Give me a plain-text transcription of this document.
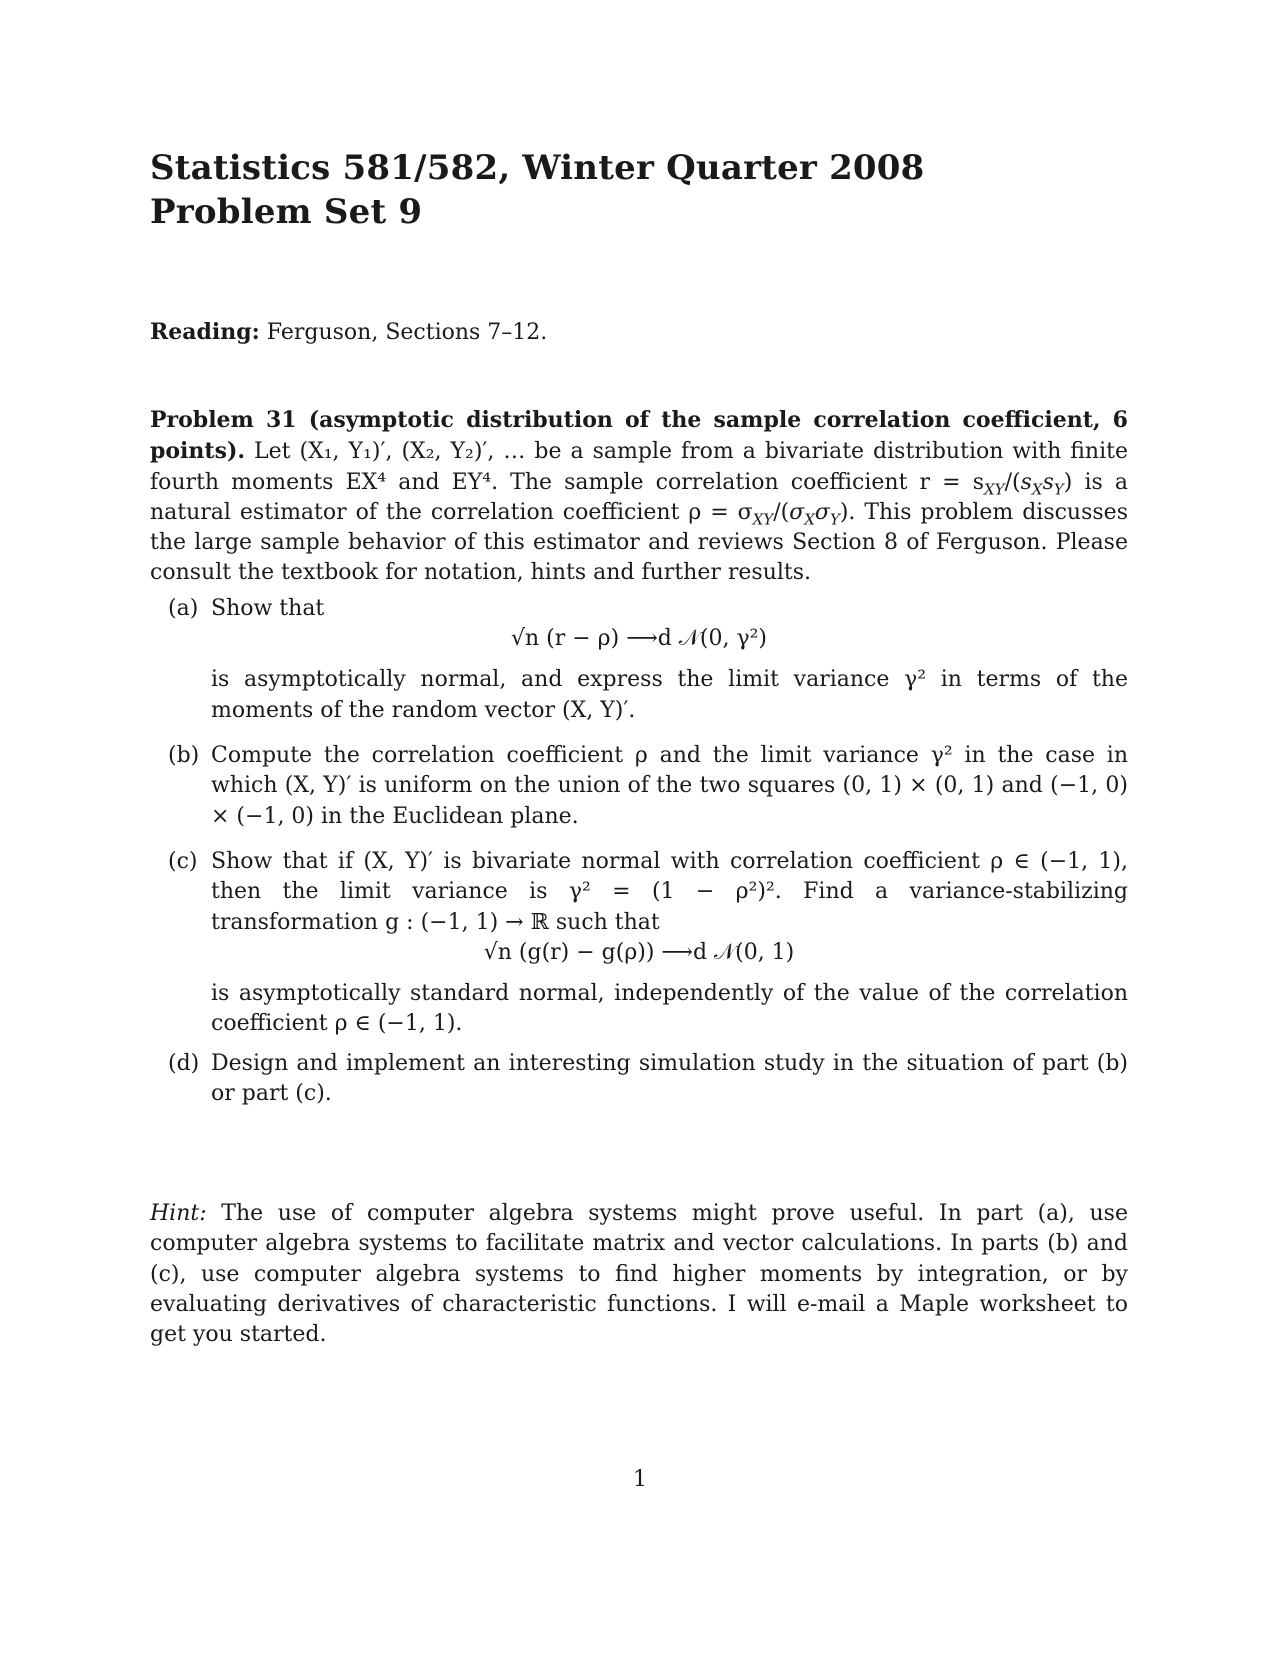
Statistics 581/582, Winter Quarter 2008
Problem Set 9

Reading: Ferguson, Sections 7–12.

Problem 31 (asymptotic distribution of the sample correlation coefficient, 6 points). Let (X₁, Y₁)′, (X₂, Y₂)′, … be a sample from a bivariate distribution with finite fourth moments EX⁴ and EY⁴. The sample correlation coefficient $r = s_{XY}/(s_Xs_Y)$ is a natural estimator of the correlation coefficient $\rho = \sigma_{XY}/(\sigma_X\sigma_Y)$. This problem discusses the large sample behavior of this estimator and reviews Section 8 of Ferguson. Please consult the textbook for notation, hints and further results.

(a) Show that
√n (r − ρ) ⟶d 𝒩(0, γ²)
is asymptotically normal, and express the limit variance γ² in terms of the moments of the random vector (X, Y)′.
(b) Compute the correlation coefficient ρ and the limit variance γ² in the case in which (X, Y)′ is uniform on the union of the two squares (0, 1) × (0, 1) and (−1, 0) × (−1, 0) in the Euclidean plane.
(c) Show that if (X, Y)′ is bivariate normal with correlation coefficient ρ ∈ (−1, 1), then the limit variance is γ² = (1 − ρ²)². Find a variance-stabilizing transformation g : (−1, 1) → ℝ such that
√n (g(r) − g(ρ)) ⟶d 𝒩(0, 1)
is asymptotically standard normal, independently of the value of the correlation coefficient ρ ∈ (−1, 1).
(d) Design and implement an interesting simulation study in the situation of part (b) or part (c).

Hint: The use of computer algebra systems might prove useful. In part (a), use computer algebra systems to facilitate matrix and vector calculations. In parts (b) and (c), use computer algebra systems to find higher moments by integration, or by evaluating derivatives of characteristic functions. I will e-mail a Maple worksheet to get you started.

1
